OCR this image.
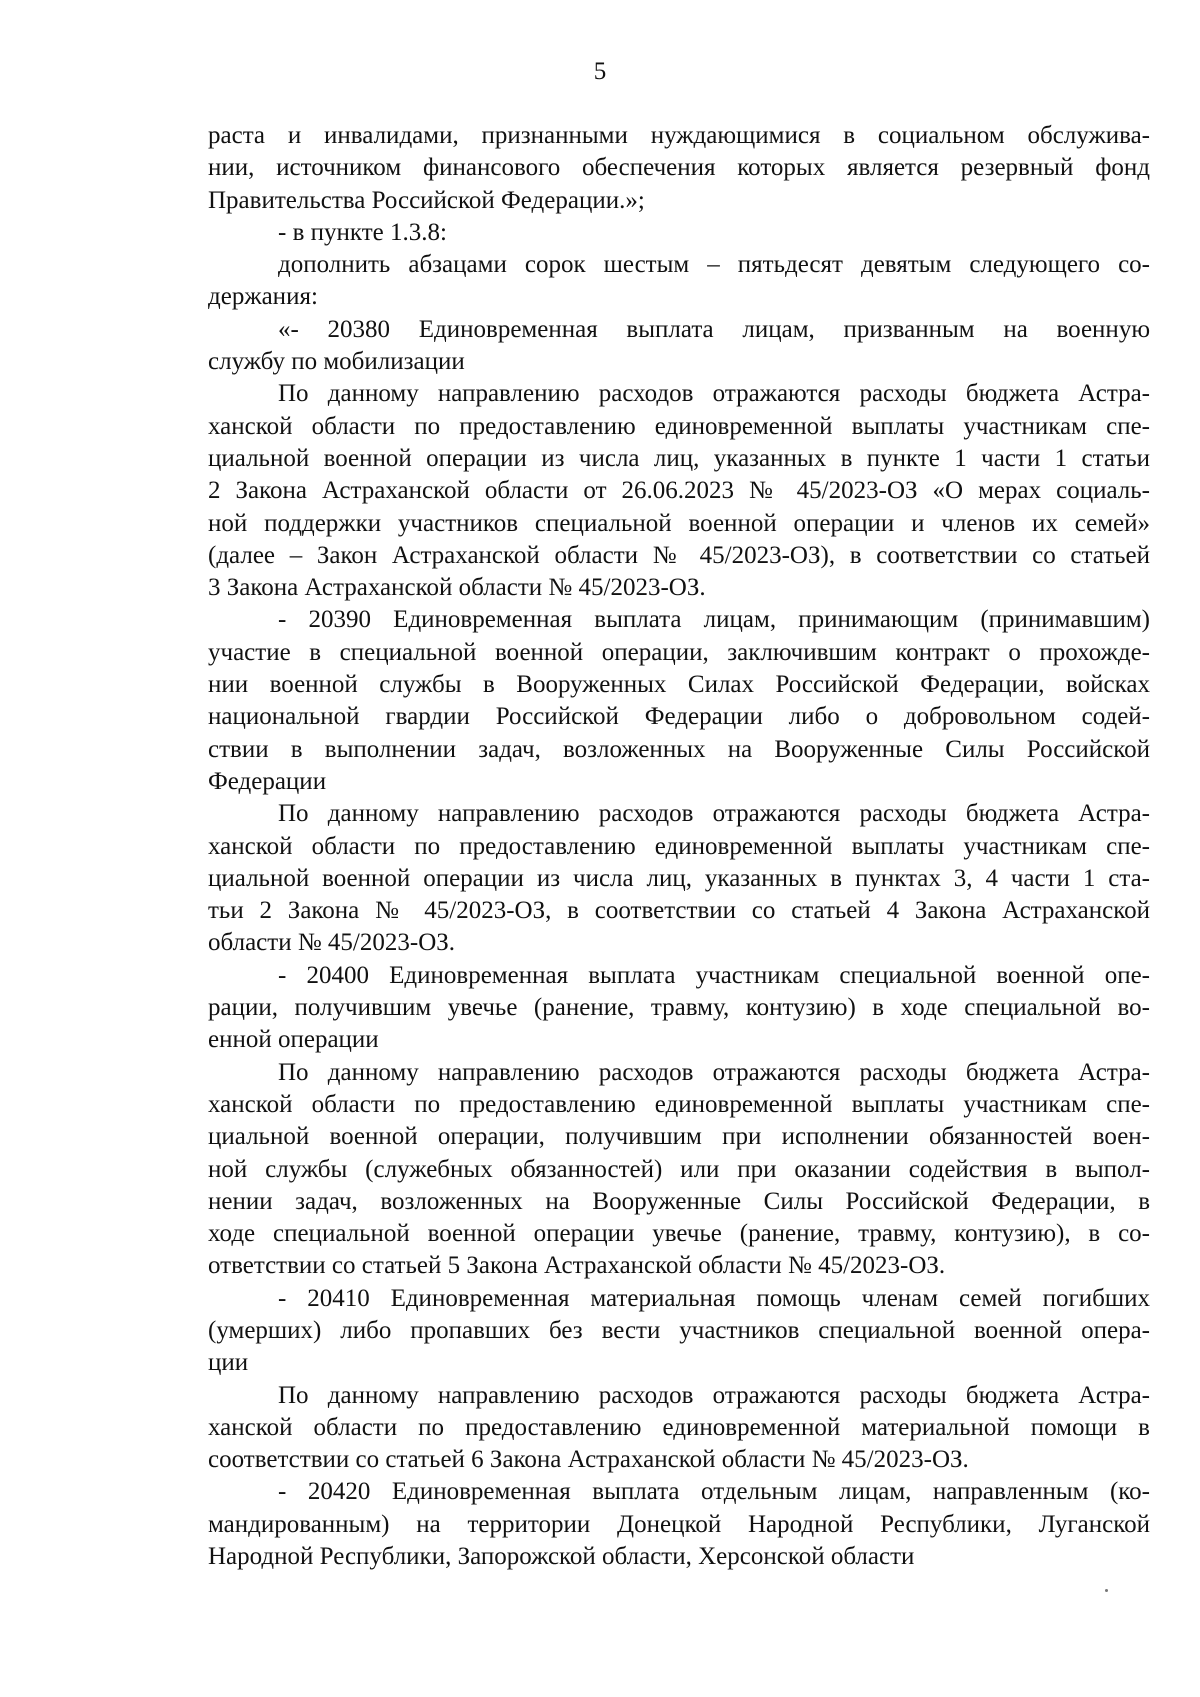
5
раста и инвалидами, признанными нуждающимися в социальном обслужива-
нии, источником финансового обеспечения которых является резервный фонд
Правительства Российской Федерации.»;
- в пункте 1.3.8:
дополнить абзацами сорок шестым – пятьдесят девятым следующего со-
держания:
«- 20380 Единовременная выплата лицам, призванным на военную
службу по мобилизации
По данному направлению расходов отражаются расходы бюджета Астра-
ханской области по предоставлению единовременной выплаты участникам спе-
циальной военной операции из числа лиц, указанных в пункте 1 части 1 статьи
2 Закона Астраханской области от 26.06.2023 № 45/2023-ОЗ «О мерах социаль-
ной поддержки участников специальной военной операции и членов их семей»
(далее – Закон Астраханской области № 45/2023-ОЗ), в соответствии со статьей
3 Закона Астраханской области № 45/2023-ОЗ.
- 20390 Единовременная выплата лицам, принимающим (принимавшим)
участие в специальной военной операции, заключившим контракт о прохожде-
нии военной службы в Вооруженных Силах Российской Федерации, войсках
национальной гвардии Российской Федерации либо о добровольном содей-
ствии в выполнении задач, возложенных на Вооруженные Силы Российской
Федерации
По данному направлению расходов отражаются расходы бюджета Астра-
ханской области по предоставлению единовременной выплаты участникам спе-
циальной военной операции из числа лиц, указанных в пунктах 3, 4 части 1 ста-
тьи 2 Закона № 45/2023-ОЗ, в соответствии со статьей 4 Закона Астраханской
области № 45/2023-ОЗ.
- 20400 Единовременная выплата участникам специальной военной опе-
рации, получившим увечье (ранение, травму, контузию) в ходе специальной во-
енной операции
По данному направлению расходов отражаются расходы бюджета Астра-
ханской области по предоставлению единовременной выплаты участникам спе-
циальной военной операции, получившим при исполнении обязанностей воен-
ной службы (служебных обязанностей) или при оказании содействия в выпол-
нении задач, возложенных на Вооруженные Силы Российской Федерации, в
ходе специальной военной операции увечье (ранение, травму, контузию), в со-
ответствии со статьей 5 Закона Астраханской области № 45/2023-ОЗ.
- 20410 Единовременная материальная помощь членам семей погибших
(умерших) либо пропавших без вести участников специальной военной опера-
ции
По данному направлению расходов отражаются расходы бюджета Астра-
ханской области по предоставлению единовременной материальной помощи в
соответствии со статьей 6 Закона Астраханской области № 45/2023-ОЗ.
- 20420 Единовременная выплата отдельным лицам, направленным (ко-
мандированным) на территории Донецкой Народной Республики, Луганской
Народной Республики, Запорожской области, Херсонской области
